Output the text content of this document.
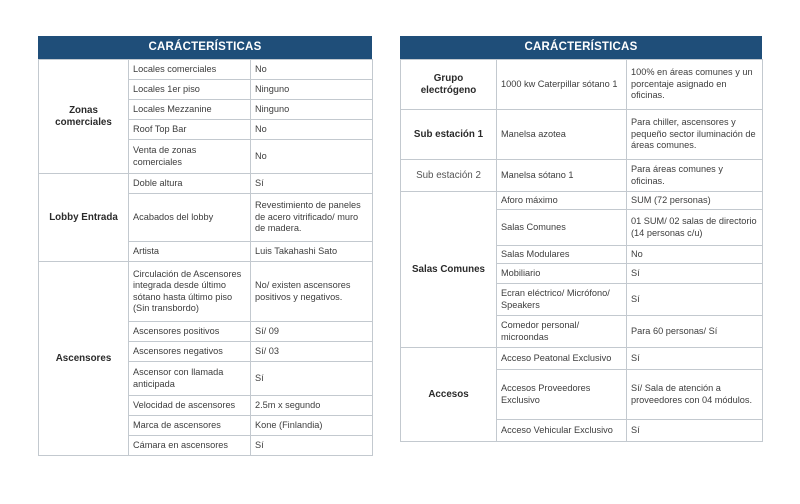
CARÁCTERÍSTICAS
Zonas comerciales	Locales comerciales	No
	Locales 1er piso	Ninguno
	Locales Mezzanine	Ninguno
	Roof Top Bar	No
	Venta de zonas comerciales	No
Lobby Entrada	Doble altura	Sí
	Acabados del lobby	Revestimiento de paneles de acero vitrificado/ muro de madera.
	Artista	Luis Takahashi Sato
Ascensores	Circulación de Ascensores integrada desde último sótano hasta último piso (Sin transbordo)	No/ existen ascensores positivos y negativos.
	Ascensores positivos	Sí/ 09
	Ascensores negativos	Sí/ 03
	Ascensor con llamada anticipada	Sí
	Velocidad de ascensores	2.5m x segundo
	Marca de ascensores	Kone (Finlandia)
	Cámara en ascensores	Sí
CARÁCTERÍSTICAS
Grupo electrógeno	1000 kw Caterpillar sótano 1	100% en áreas comunes y un porcentaje asignado en oficinas.
Sub estación 1	Manelsa azotea	Para chiller, ascensores y pequeño sector iluminación de áreas comunes.
Sub estación 2	Manelsa sótano 1	Para áreas comunes y oficinas.
Salas Comunes	Aforo máximo	SUM (72 personas)
	Salas Comunes	01 SUM/ 02 salas de directorio (14 personas c/u)
	Salas Modulares	No
	Mobiliario	Sí
	Ecran eléctrico/ Micrófono/ Speakers	Sí
	Comedor personal/ microondas	Para 60 personas/ Sí
Accesos	Acceso Peatonal Exclusivo	Sí
	Accesos Proveedores Exclusivo	Sí/ Sala de atención a proveedores con 04 módulos.
	Acceso Vehicular Exclusivo	Sí
